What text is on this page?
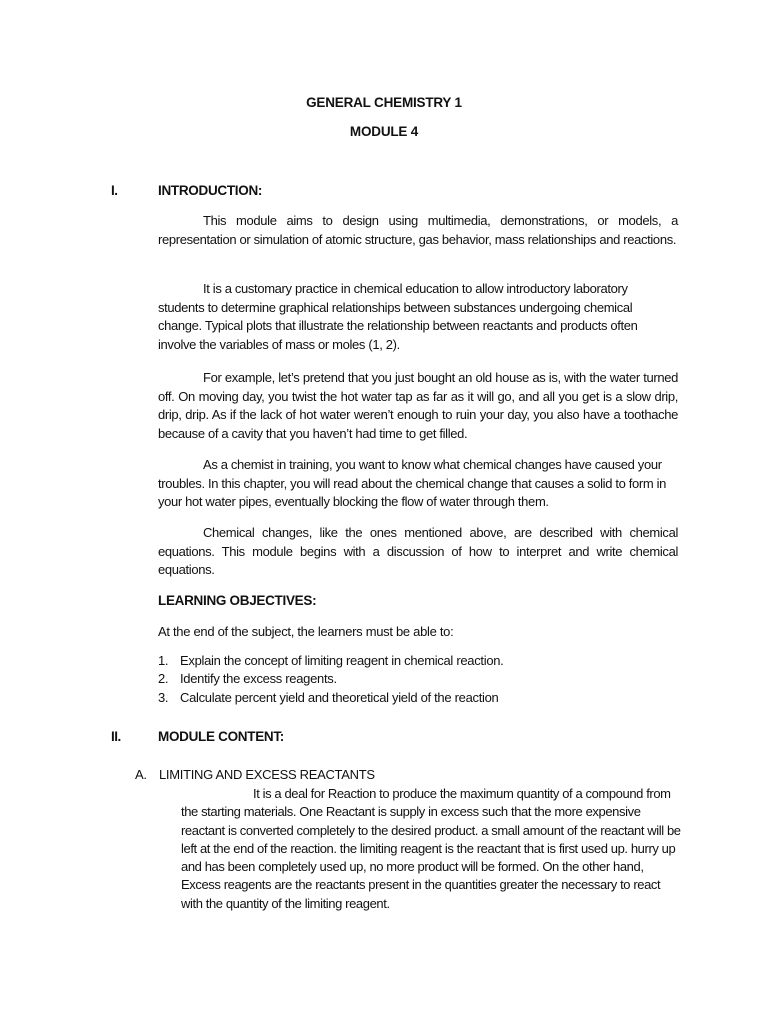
GENERAL CHEMISTRY 1
MODULE 4
I.	INTRODUCTION:

This module aims to design using multimedia, demonstrations, or models, a representation or simulation of atomic structure, gas behavior, mass relationships and reactions.

It is a customary practice in chemical education to allow introductory laboratory students to determine graphical relationships between substances undergoing chemical change. Typical plots that illustrate the relationship between reactants and products often involve the variables of mass or moles (1, 2).

For example, let’s pretend that you just bought an old house as is, with the water turned off. On moving day, you twist the hot water tap as far as it will go, and all you get is a slow drip, drip, drip. As if the lack of hot water weren’t enough to ruin your day, you also have a toothache because of a cavity that you haven’t had time to get filled.

As a chemist in training, you want to know what chemical changes have caused your troubles. In this chapter, you will read about the chemical change that causes a solid to form in your hot water pipes, eventually blocking the flow of water through them.

Chemical changes, like the ones mentioned above, are described with chemical equations. This module begins with a discussion of how to interpret and write chemical equations.

LEARNING OBJECTIVES:
At the end of the subject, the learners must be able to:
1. Explain the concept of limiting reagent in chemical reaction.
2. Identify the excess reagents.
3. Calculate percent yield and theoretical yield of the reaction
II.	MODULE CONTENT:
A. LIMITING AND EXCESS REACTANTS

It is a deal for Reaction to produce the maximum quantity of a compound from the starting materials. One Reactant is supply in excess such that the more expensive reactant is converted completely to the desired product. a small amount of the reactant will be left at the end of the reaction. the limiting reagent is the reactant that is first used up. hurry up and has been completely used up, no more product will be formed. On the other hand, Excess reagents are the reactants present in the quantities greater the necessary to react with the quantity of the limiting reagent.
